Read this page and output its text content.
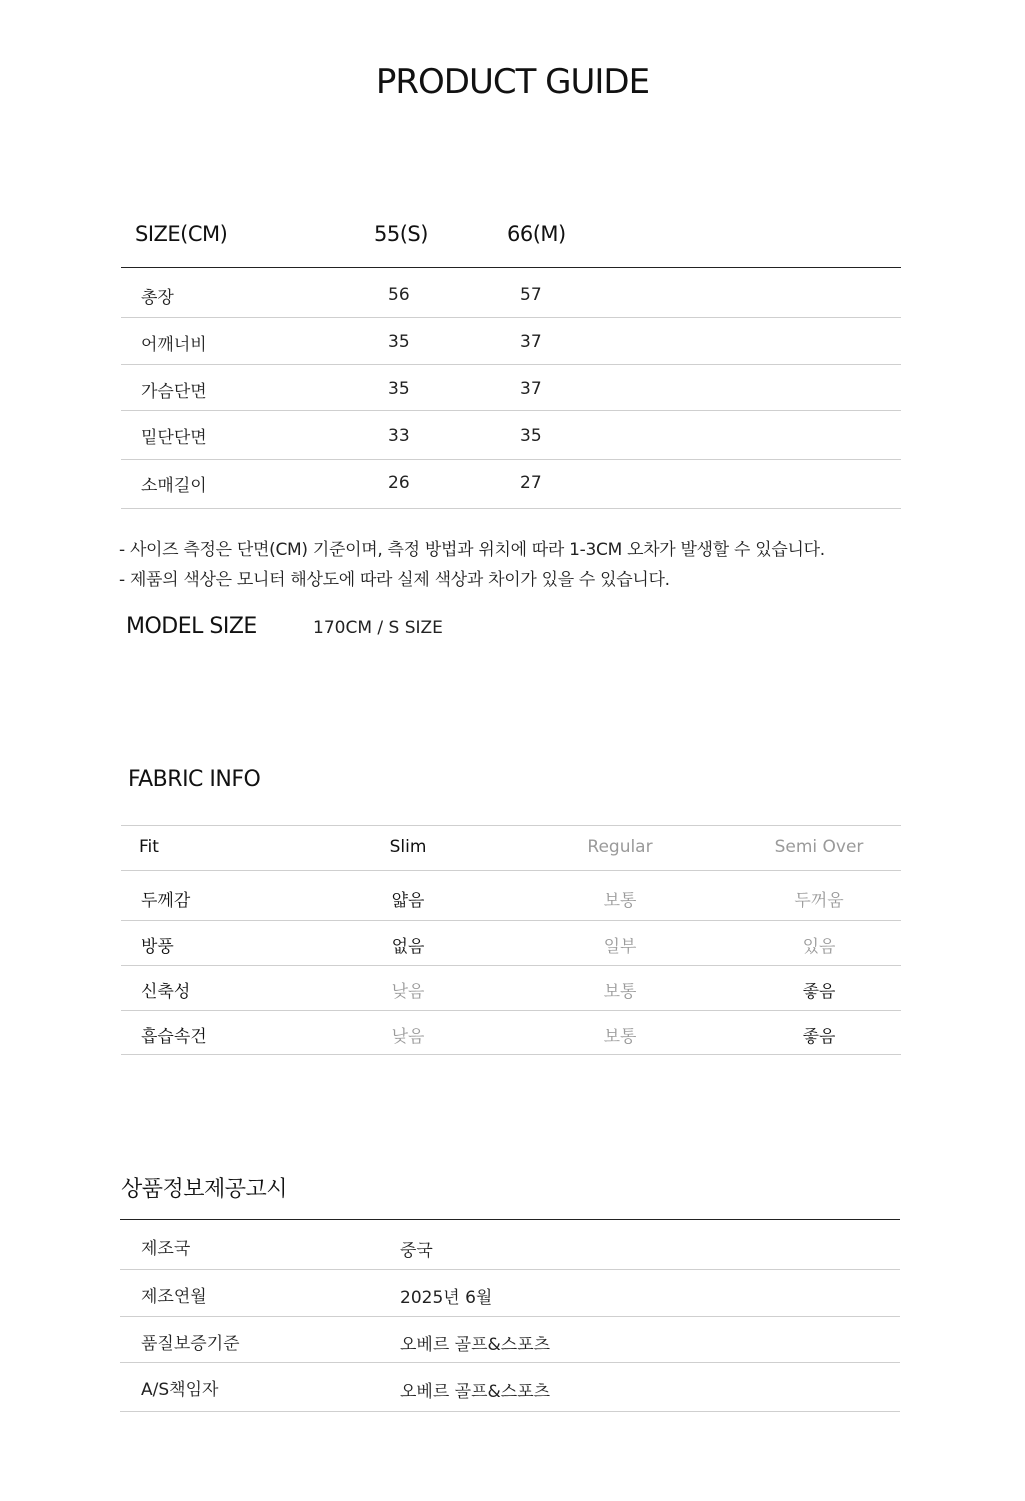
PRODUCT GUIDE
SIZE(CM)	55(S)	66(M)
총장	56	57
어깨너비	35	37
가슴단면	35	37
밑단단면	33	35
소매길이	26	27
- 사이즈 측정은 단면(CM) 기준이며, 측정 방법과 위치에 따라 1-3CM 오차가 발생할 수 있습니다.
- 제품의 색상은 모니터 해상도에 따라 실제 색상과 차이가 있을 수 있습니다.
MODEL SIZE	170CM / S SIZE
FABRIC INFO
Fit	Slim	Regular	Semi Over
두께감	얇음	보통	두꺼움
방풍	없음	일부	있음
신축성	낮음	보통	좋음
흡습속건	낮음	보통	좋음
상품정보제공고시
제조국	중국
제조연월	2025년 6월
품질보증기준	오베르 골프&스포츠
A/S책임자	오베르 골프&스포츠
